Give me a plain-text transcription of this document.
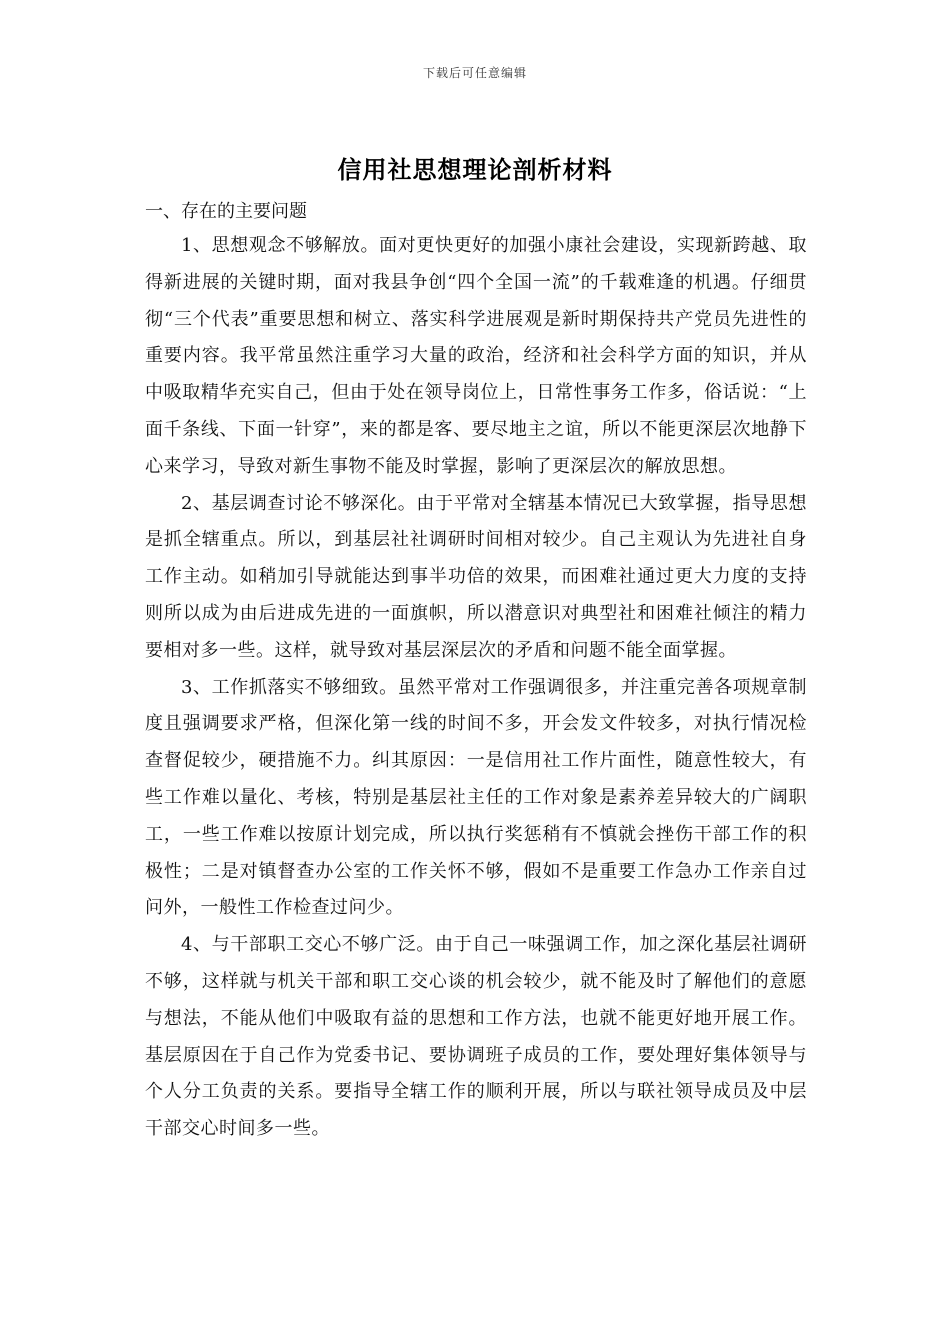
下载后可任意编辑
信用社思想理论剖析材料

一、存在的主要问题

1、思想观念不够解放。面对更快更好的加强小康社会建设，实现新跨越、取得新进展的关键时期，面对我县争创“四个全国一流”的千载难逢的机遇。仔细贯彻“三个代表”重要思想和树立、落实科学进展观是新时期保持共产党员先进性的重要内容。我平常虽然注重学习大量的政治，经济和社会科学方面的知识，并从中吸取精华充实自己，但由于处在领导岗位上，日常性事务工作多，俗话说：“上面千条线、下面一针穿”，来的都是客、要尽地主之谊，所以不能更深层次地静下心来学习，导致对新生事物不能及时掌握，影响了更深层次的解放思想。

2、基层调查讨论不够深化。由于平常对全辖基本情况已大致掌握，指导思想是抓全辖重点。所以，到基层社社调研时间相对较少。自己主观认为先进社自身工作主动。如稍加引导就能达到事半功倍的效果，而困难社通过更大力度的支持则所以成为由后进成先进的一面旗帜，所以潜意识对典型社和困难社倾注的精力要相对多一些。这样，就导致对基层深层次的矛盾和问题不能全面掌握。

3、工作抓落实不够细致。虽然平常对工作强调很多，并注重完善各项规章制度且强调要求严格，但深化第一线的时间不多，开会发文件较多，对执行情况检查督促较少，硬措施不力。纠其原因：一是信用社工作片面性，随意性较大，有些工作难以量化、考核，特别是基层社主任的工作对象是素养差异较大的广阔职工，一些工作难以按原计划完成，所以执行奖惩稍有不慎就会挫伤干部工作的积极性；二是对镇督查办公室的工作关怀不够，假如不是重要工作急办工作亲自过问外，一般性工作检查过问少。

4、与干部职工交心不够广泛。由于自己一味强调工作，加之深化基层社调研不够，这样就与机关干部和职工交心谈的机会较少，就不能及时了解他们的意愿与想法，不能从他们中吸取有益的思想和工作方法，也就不能更好地开展工作。基层原因在于自己作为党委书记、要协调班子成员的工作，要处理好集体领导与个人分工负责的关系。要指导全辖工作的顺利开展，所以与联社领导成员及中层干部交心时间多一些。
